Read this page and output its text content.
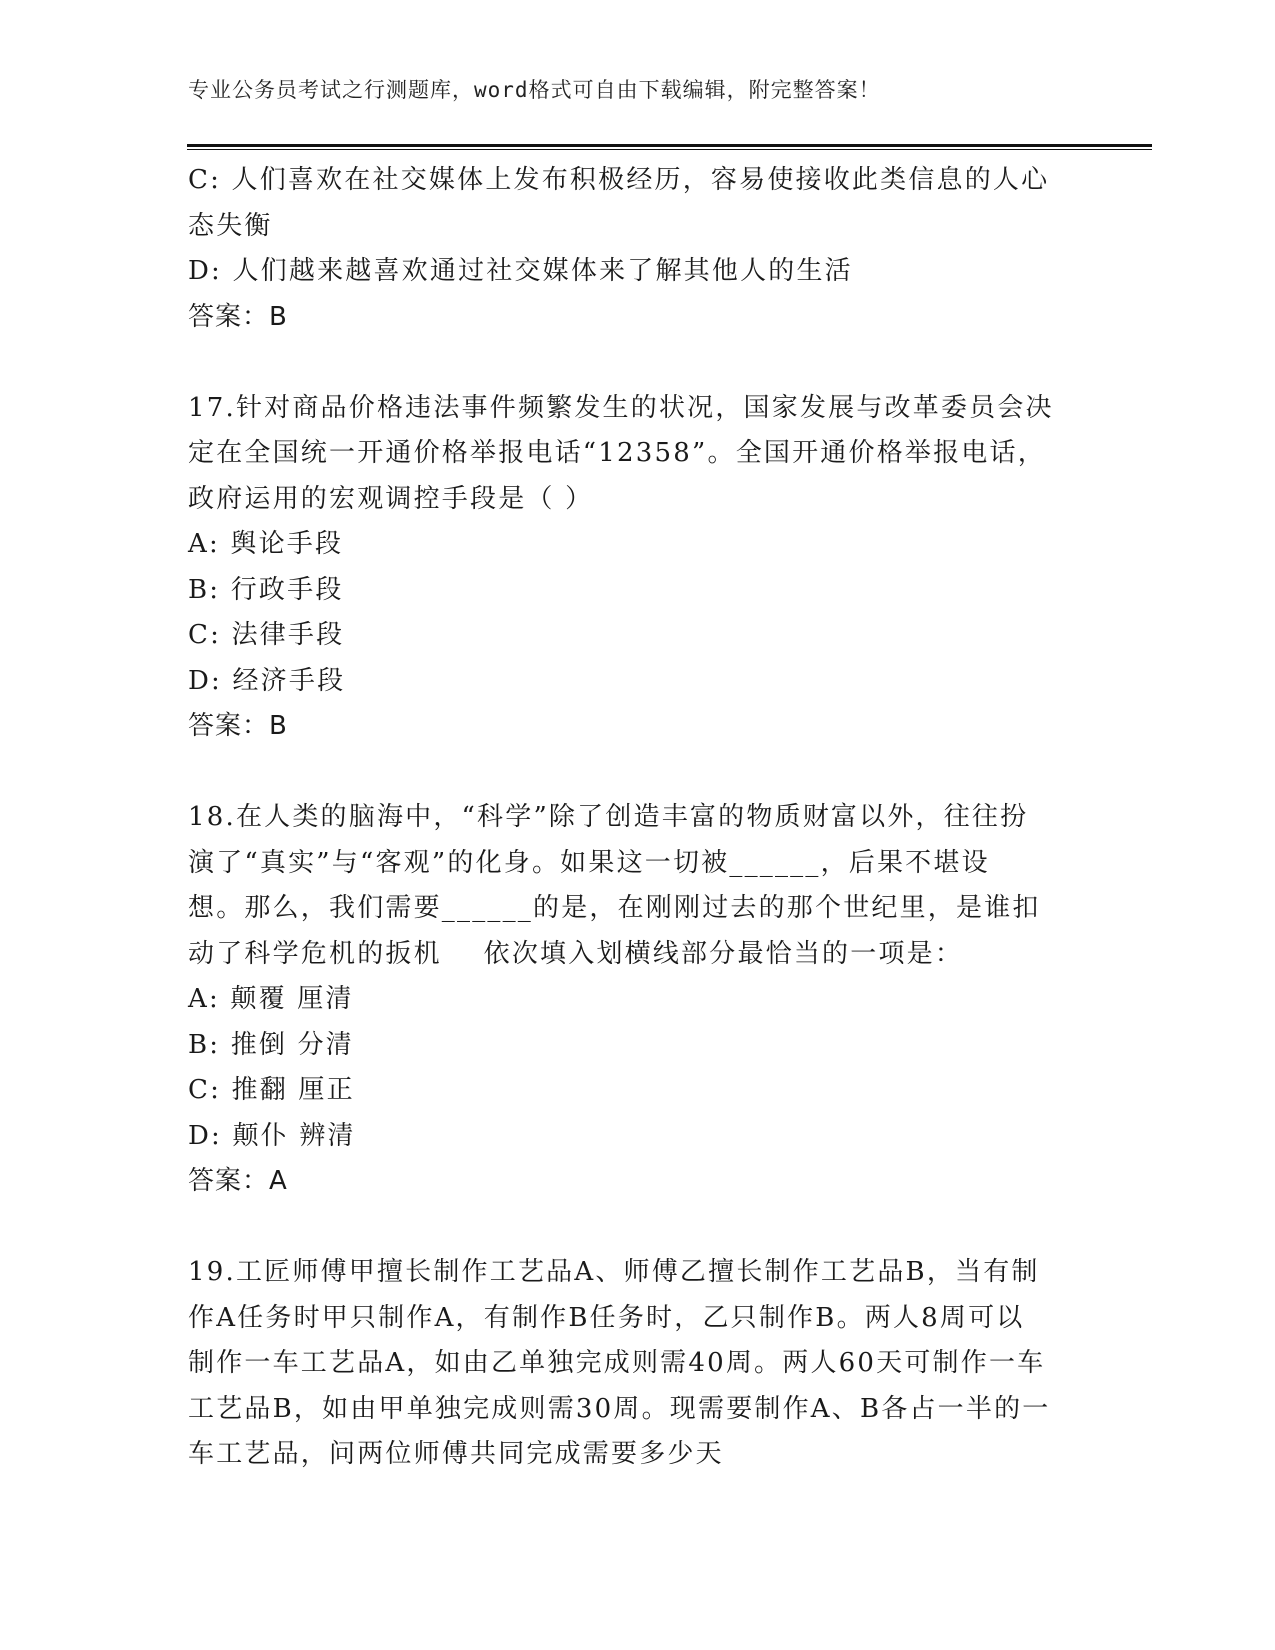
专业公务员考试之行测题库，word格式可自由下载编辑，附完整答案！
C: 人们喜欢在社交媒体上发布积极经历，容易使接收此类信息的人心
态失衡
D: 人们越来越喜欢通过社交媒体来了解其他人的生活
答案：B
17.针对商品价格违法事件频繁发生的状况，国家发展与改革委员会决
定在全国统一开通价格举报电话“12358”。全国开通价格举报电话，
政府运用的宏观调控手段是（ ）
A: 舆论手段
B: 行政手段
C: 法律手段
D: 经济手段
答案：B
18.在人类的脑海中，“科学”除了创造丰富的物质财富以外，往往扮
演了“真实”与“客观”的化身。如果这一切被______，后果不堪设
想。那么，我们需要______的是，在刚刚过去的那个世纪里，是谁扣
动了科学危机的扳机    依次填入划横线部分最恰当的一项是：
A: 颠覆 厘清
B: 推倒 分清
C: 推翻 厘正
D: 颠仆 辨清
答案：A
19.工匠师傅甲擅长制作工艺品A、师傅乙擅长制作工艺品B，当有制
作A任务时甲只制作A，有制作B任务时，乙只制作B。两人8周可以
制作一车工艺品A，如由乙单独完成则需40周。两人60天可制作一车
工艺品B，如由甲单独完成则需30周。现需要制作A、B各占一半的一
车工艺品，问两位师傅共同完成需要多少天
